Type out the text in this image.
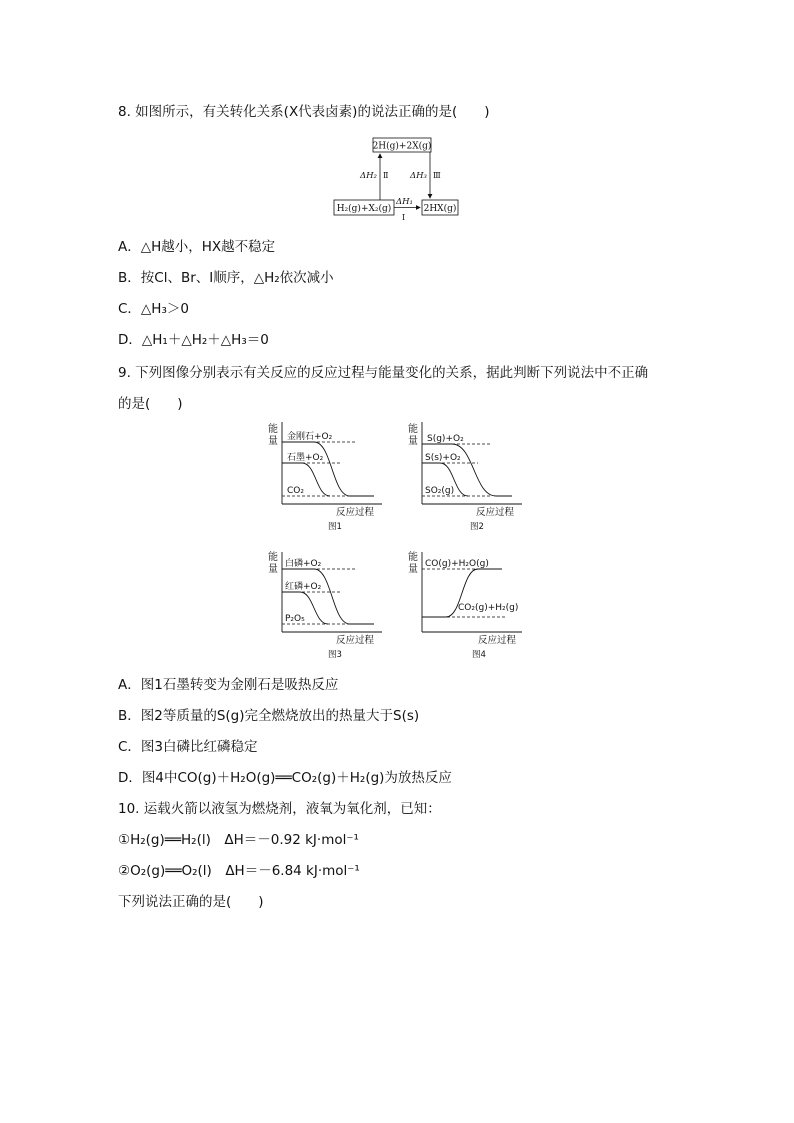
8. 如图所示，有关转化关系(X代表卤素)的说法正确的是(　　)
2H(g)+2X(g)
H₂(g)+X₂(g)	2HX(g)
ΔH₂ Ⅱ	ΔH₃ Ⅲ
ΔH₁
Ⅰ
A．△H越小，HX越不稳定
B．按Cl、Br、I顺序，△H₂依次减小
C．△H₃＞0
D．△H₁＋△H₂＋△H₃＝0
9. 下列图像分别表示有关反应的反应过程与能量变化的关系，据此判断下列说法中不正确
的是(　　)
能
量 金刚石+O₂
石墨+O₂
CO₂
反应过程
图1
能
量 S(g)+O₂
S(s)+O₂
SO₂(g)
反应过程
图2
能
量 白磷+O₂
红磷+O₂
P₂O₅
反应过程
图3
能
量 CO(g)+H₂O(g)
CO₂(g)+H₂(g)
反应过程
图4
A．图1石墨转变为金刚石是吸热反应
B．图2等质量的S(g)完全燃烧放出的热量大于S(s)
C．图3白磷比红磷稳定
D．图4中CO(g)＋H₂O(g)══CO₂(g)＋H₂(g)为放热反应
10. 运载火箭以液氢为燃烧剂，液氧为氧化剂，已知：
①H₂(g)══H₂(l)　ΔH＝－0.92 kJ·mol⁻¹
②O₂(g)══O₂(l)　ΔH＝－6.84 kJ·mol⁻¹
下列说法正确的是(　　)
